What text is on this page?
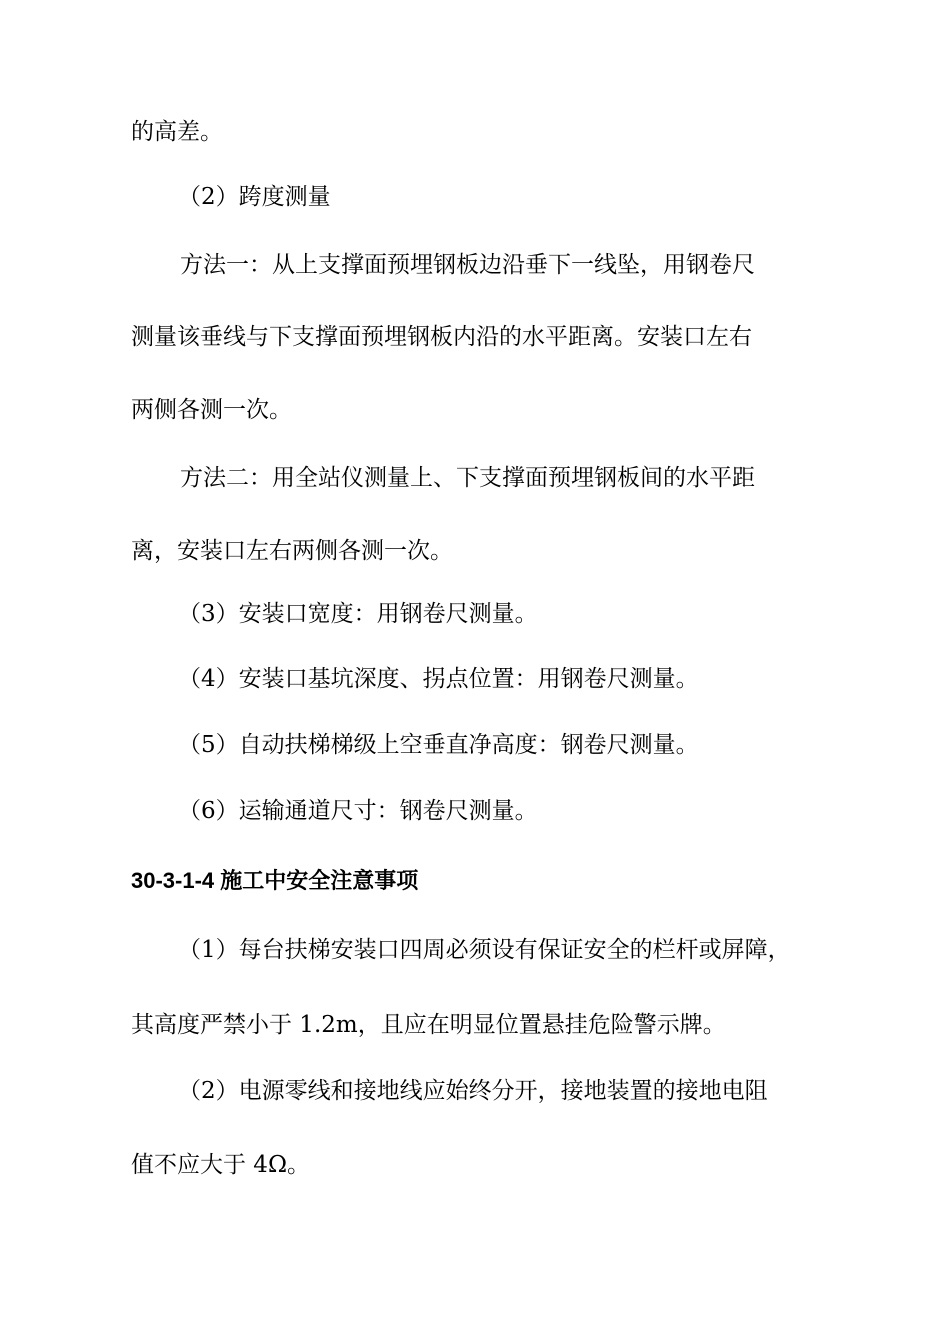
的高差。
（2）跨度测量
方法一：从上支撑面预埋钢板边沿垂下一线坠，用钢卷尺
测量该垂线与下支撑面预埋钢板内沿的水平距离。安装口左右
两侧各测一次。
方法二：用全站仪测量上、下支撑面预埋钢板间的水平距
离，安装口左右两侧各测一次。
（3）安装口宽度：用钢卷尺测量。
（4）安装口基坑深度、拐点位置：用钢卷尺测量。
（5）自动扶梯梯级上空垂直净高度：钢卷尺测量。
（6）运输通道尺寸：钢卷尺测量。
30-3-1-4 施工中安全注意事项
（1）每台扶梯安装口四周必须设有保证安全的栏杆或屏障，
其高度严禁小于 1.2m，且应在明显位置悬挂危险警示牌。
（2）电源零线和接地线应始终分开，接地装置的接地电阻
值不应大于 4Ω。
